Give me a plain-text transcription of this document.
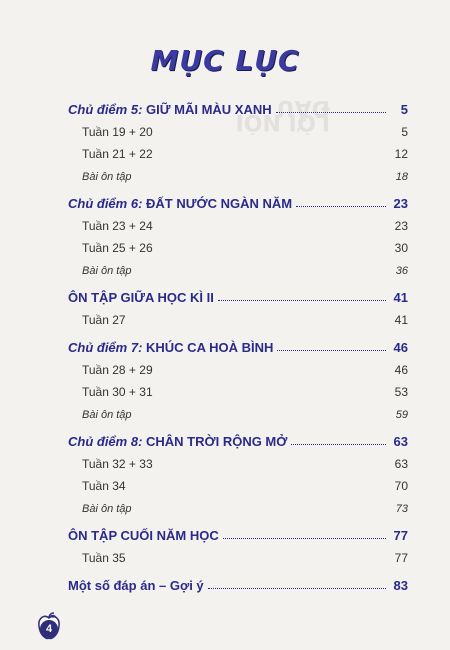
LỜI NÓI ĐẦU
MỤC LỤC
Chủ điểm 5: GIỮ MÃI MÀU XANH	5
Tuần 19 + 20	5
Tuần 21 + 22	12
Bài ôn tập	18
Chủ điểm 6: ĐẤT NƯỚC NGÀN NĂM	23
Tuần 23 + 24	23
Tuần 25 + 26	30
Bài ôn tập	36
ÔN TẬP GIỮA HỌC KÌ II	41
Tuần 27	41
Chủ điểm 7: KHÚC CA HOÀ BÌNH	46
Tuần 28 + 29	46
Tuần 30 + 31	53
Bài ôn tập	59
Chủ điểm 8: CHÂN TRỜI RỘNG MỞ	63
Tuần 32 + 33	63
Tuần 34	70
Bài ôn tập	73
ÔN TẬP CUỐI NĂM HỌC	77
Tuần 35	77
Một số đáp án – Gợi ý	83
4
